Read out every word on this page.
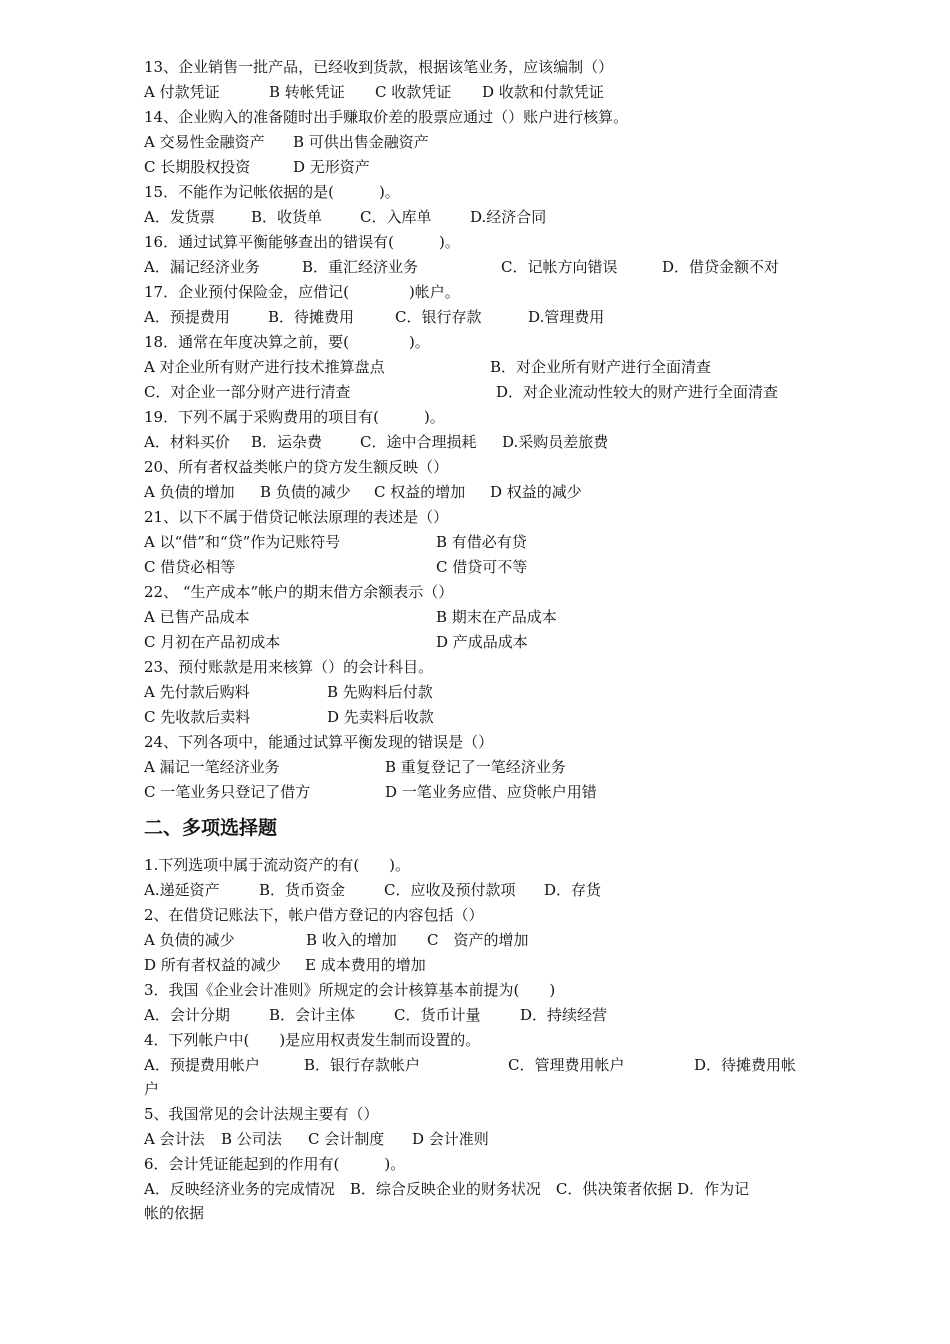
13、企业销售一批产品，已经收到货款，根据该笔业务，应该编制（）

A 付款凭证

	B 转帐凭证

C 收款凭证

D 收款和付款凭证

14、企业购入的准备随时出手赚取价差的股票应通过（）账户进行核算。

A 交易性金融资产

B 可供出售金融资产

C 长期股权投资

	D 无形资产

15．不能作为记帐依据的是(　　　)。

A．发货票

B．收货单

	C．入库单

	D.经济合同

16．通过试算平衡能够查出的错误有(　　　)。

A．漏记经济业务

	B．重汇经济业务

	C．记帐方向错误

	D．借贷金额不对

17．企业预付保险金，应借记(　　　　)帐户。

A．预提费用

	B．待摊费用

	C．银行存款

	D.管理费用

18．通常在年度决算之前，要(　　　　)。

A 对企业所有财产进行技术推算盘点

	B．对企业所有财产进行全面清查

C．对企业一部分财产进行清查

	D．对企业流动性较大的财产进行全面清查

19．下列不属于采购费用的项目有(　　　)。

A．材料买价

B．运杂费

	C．途中合理损耗

D.采购员差旅费

20、所有者权益类帐户的贷方发生额反映（）

A 负债的增加

B 负债的减少

C 权益的增加

D 权益的减少

21、以下不属于借贷记帐法原理的表述是（）

A 以“借”和“贷”作为记账符号

	B 有借必有贷

C 借贷必相等

	C 借贷可不等

22、 “生产成本”帐户的期末借方余额表示（）

A 已售产品成本

	B 期末在产品成本

C 月初在产品初成本

	D 产成品成本

23、预付账款是用来核算（）的会计科目。

A 先付款后购料

	B 先购料后付款

C 先收款后卖料

	D 先卖料后收款

24、下列各项中，能通过试算平衡发现的错误是（）

A 漏记一笔经济业务

	B 重复登记了一笔经济业务

C 一笔业务只登记了借方

	D 一笔业务应借、应贷帐户用错

二、多项选择题
1.下列选项中属于流动资产的有(　　)。

A.递延资产

	B．货币资金

	C．应收及预付款项

D．存货

2、在借贷记账法下，帐户借方登记的内容包括（）

A 负债的减少

	B 收入的增加

C　资产的增加

D 所有者权益的减少

E 成本费用的增加

3．我国《企业会计准则》所规定的会计核算基本前提为(　　)

A．会计分期

	B．会计主体

	C．货币计量

	D．持续经营

4．下列帐户中(　　)是应用权责发生制而设置的。

A．预提费用帐户

	B．银行存款帐户

	C．管理费用帐户

	D．待摊费用帐

户
5、我国常见的会计法规主要有（）

A 会计法

B 公司法

C 会计制度

D 会计准则

6．会计凭证能起到的作用有(　　　)。
A．反映经济业务的完成情况　B．综合反映企业的财务状况　C．供决策者依据 D．作为记
帐的依据
